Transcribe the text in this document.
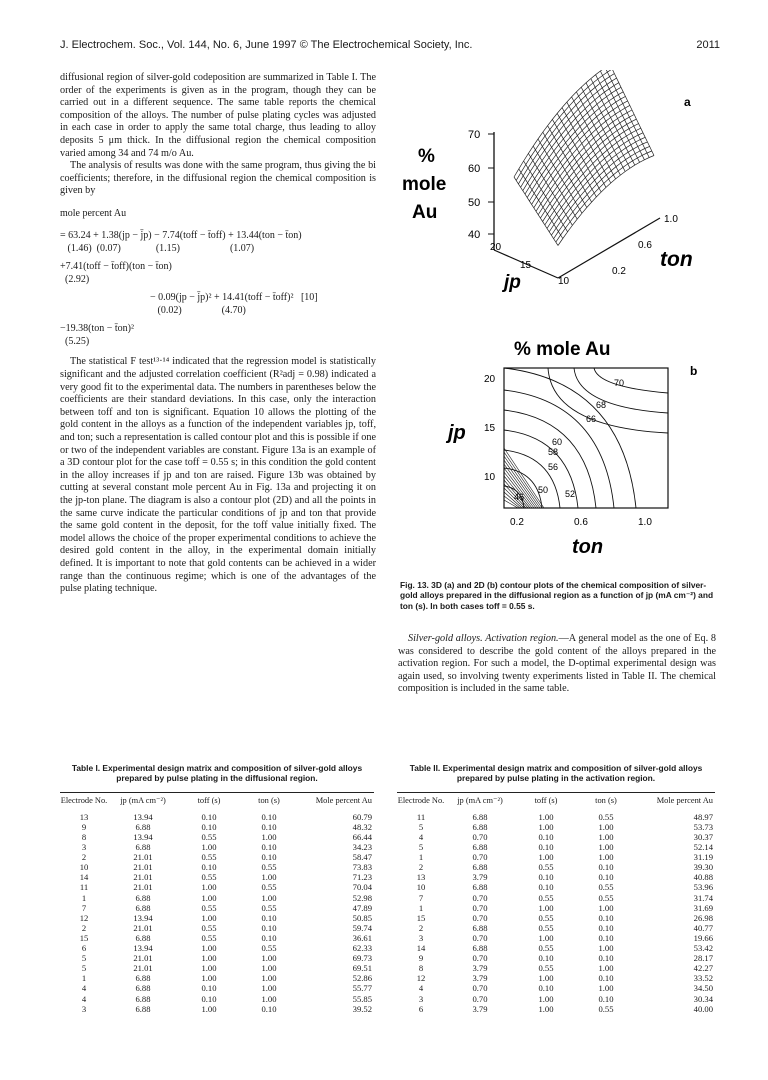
J. Electrochem. Soc., Vol. 144, No. 6, June 1997 © The Electrochemical Society, Inc.	2011

diffusional region of silver-gold codeposition are summarized in Table I. The order of the experiments is given as in the program, though they can be carried out in a different sequence. The same table reports the chemical composition of the alloys. The number of pulse plating cycles was adjusted in each case in order to apply the same total charge, thus leading to alloy deposits 5 μm thick. In the diffusional region the chemical composition varied among 34 and 74 m/o Au.

The analysis of results was done with the same program, thus giving the bi coefficients; therefore, in the diffusional region the chemical composition is given by

mole percent Au

= 63.24 + 1.38(jp − j̄p) − 7.74(toff − t̄off) + 13.44(ton − t̄on)

(1.46)  (0.07)              (1.15)                    (1.07)

+7.41(toff − t̄off)(ton − t̄on)

(2.92)

− 0.09(jp − j̄p)² + 14.41(toff − t̄off)²   [10]

(0.02)                (4.70)

−19.38(ton − t̄on)²

(5.25)

The statistical F test¹³·¹⁴ indicated that the regression model is statistically significant and the adjusted correlation coefficient (R²adj = 0.98) indicated a very good fit to the experimental data. The numbers in parentheses below the coefficients are their standard deviations. In this case, only the interaction between toff and ton is significant. Equation 10 allows the plotting of the gold content in the alloys as a function of the independent variables jp, toff, and ton; such a representation is called contour plot and this is possible if one or two of the independent variables are constant. Figure 13a is an example of a 3D contour plot for the case toff = 0.55 s; in this condition the gold content in the alloy increases if jp and ton are raised. Figure 13b was obtained by cutting at several constant mole percent Au in Fig. 13a and projecting it on the jp-ton plane. The diagram is also a contour plot (2D) and all the points in the same curve indicate the particular conditions of jp and ton that provide the same gold content in the deposit, for the toff value initially fixed. The model allows the choice of the proper experimental conditions to achieve the desired gold content in the alloy, in the experimental domain initially defined. It is important to note that gold contents can be achieved in a wider range than the continuous regime; which is one of the advantages of the pulse plating technique.

70
60
50
40
%
mole
Au
20
15
10
1.0
0.6
0.2
jp
ton
a
% mole Au
b
20
15
10
0.2	0.6	1.0
jp
ton
70
68
66
60
58
56
52
50
46
Fig. 13. 3D (a) and 2D (b) contour plots of the chemical composition of silver-gold alloys prepared in the diffusional region as a function of jp (mA cm⁻²) and ton (s). In both cases toff = 0.55 s.

Silver-gold alloys. Activation region.—A general model as the one of Eq. 8 was considered to describe the gold content of the alloys prepared in the activation region. For such a model, the D-optimal experimental design was again used, so involving twenty experiments listed in Table II. The chemical composition is included in the same table.

Table I. Experimental design matrix and composition of silver-gold alloys prepared by pulse plating in the diffusional region.
Electrode No.	jp (mA cm⁻²)	toff (s)	ton (s)	Mole percent Au
13	13.94	0.10	0.10	60.79
9	6.88	0.10	0.10	48.32
8	13.94	0.55	1.00	66.44
3	6.88	1.00	0.10	34.23
2	21.01	0.55	0.10	58.47
10	21.01	0.10	0.55	73.83
14	21.01	0.55	1.00	71.23
11	21.01	1.00	0.55	70.04
1	6.88	1.00	1.00	52.98
7	6.88	0.55	0.55	47.89
12	13.94	1.00	0.10	50.85
2	21.01	0.55	0.10	59.74
15	6.88	0.55	0.10	36.61
6	13.94	1.00	0.55	62.33
5	21.01	1.00	1.00	69.73
5	21.01	1.00	1.00	69.51
1	6.88	1.00	1.00	52.86
4	6.88	0.10	1.00	55.77
4	6.88	0.10	1.00	55.85
3	6.88	1.00	0.10	39.52
Table II. Experimental design matrix and composition of silver-gold alloys prepared by pulse plating in the activation region.
Electrode No.	jp (mA cm⁻²)	toff (s)	ton (s)	Mole percent Au
11	6.88	1.00	0.55	48.97
5	6.88	1.00	1.00	53.73
4	0.70	0.10	1.00	30.37
5	6.88	0.10	1.00	52.14
1	0.70	1.00	1.00	31.19
2	6.88	0.55	0.10	39.30
13	3.79	0.10	0.10	40.88
10	6.88	0.10	0.55	53.96
7	0.70	0.55	0.55	31.74
1	0.70	1.00	1.00	31.69
15	0.70	0.55	0.10	26.98
2	6.88	0.55	0.10	40.77
3	0.70	1.00	0.10	19.66
14	6.88	0.55	1.00	53.42
9	0.70	0.10	0.10	28.17
8	3.79	0.55	1.00	42.27
12	3.79	1.00	0.10	33.52
4	0.70	0.10	1.00	34.50
3	0.70	1.00	0.10	30.34
6	3.79	1.00	0.55	40.00
